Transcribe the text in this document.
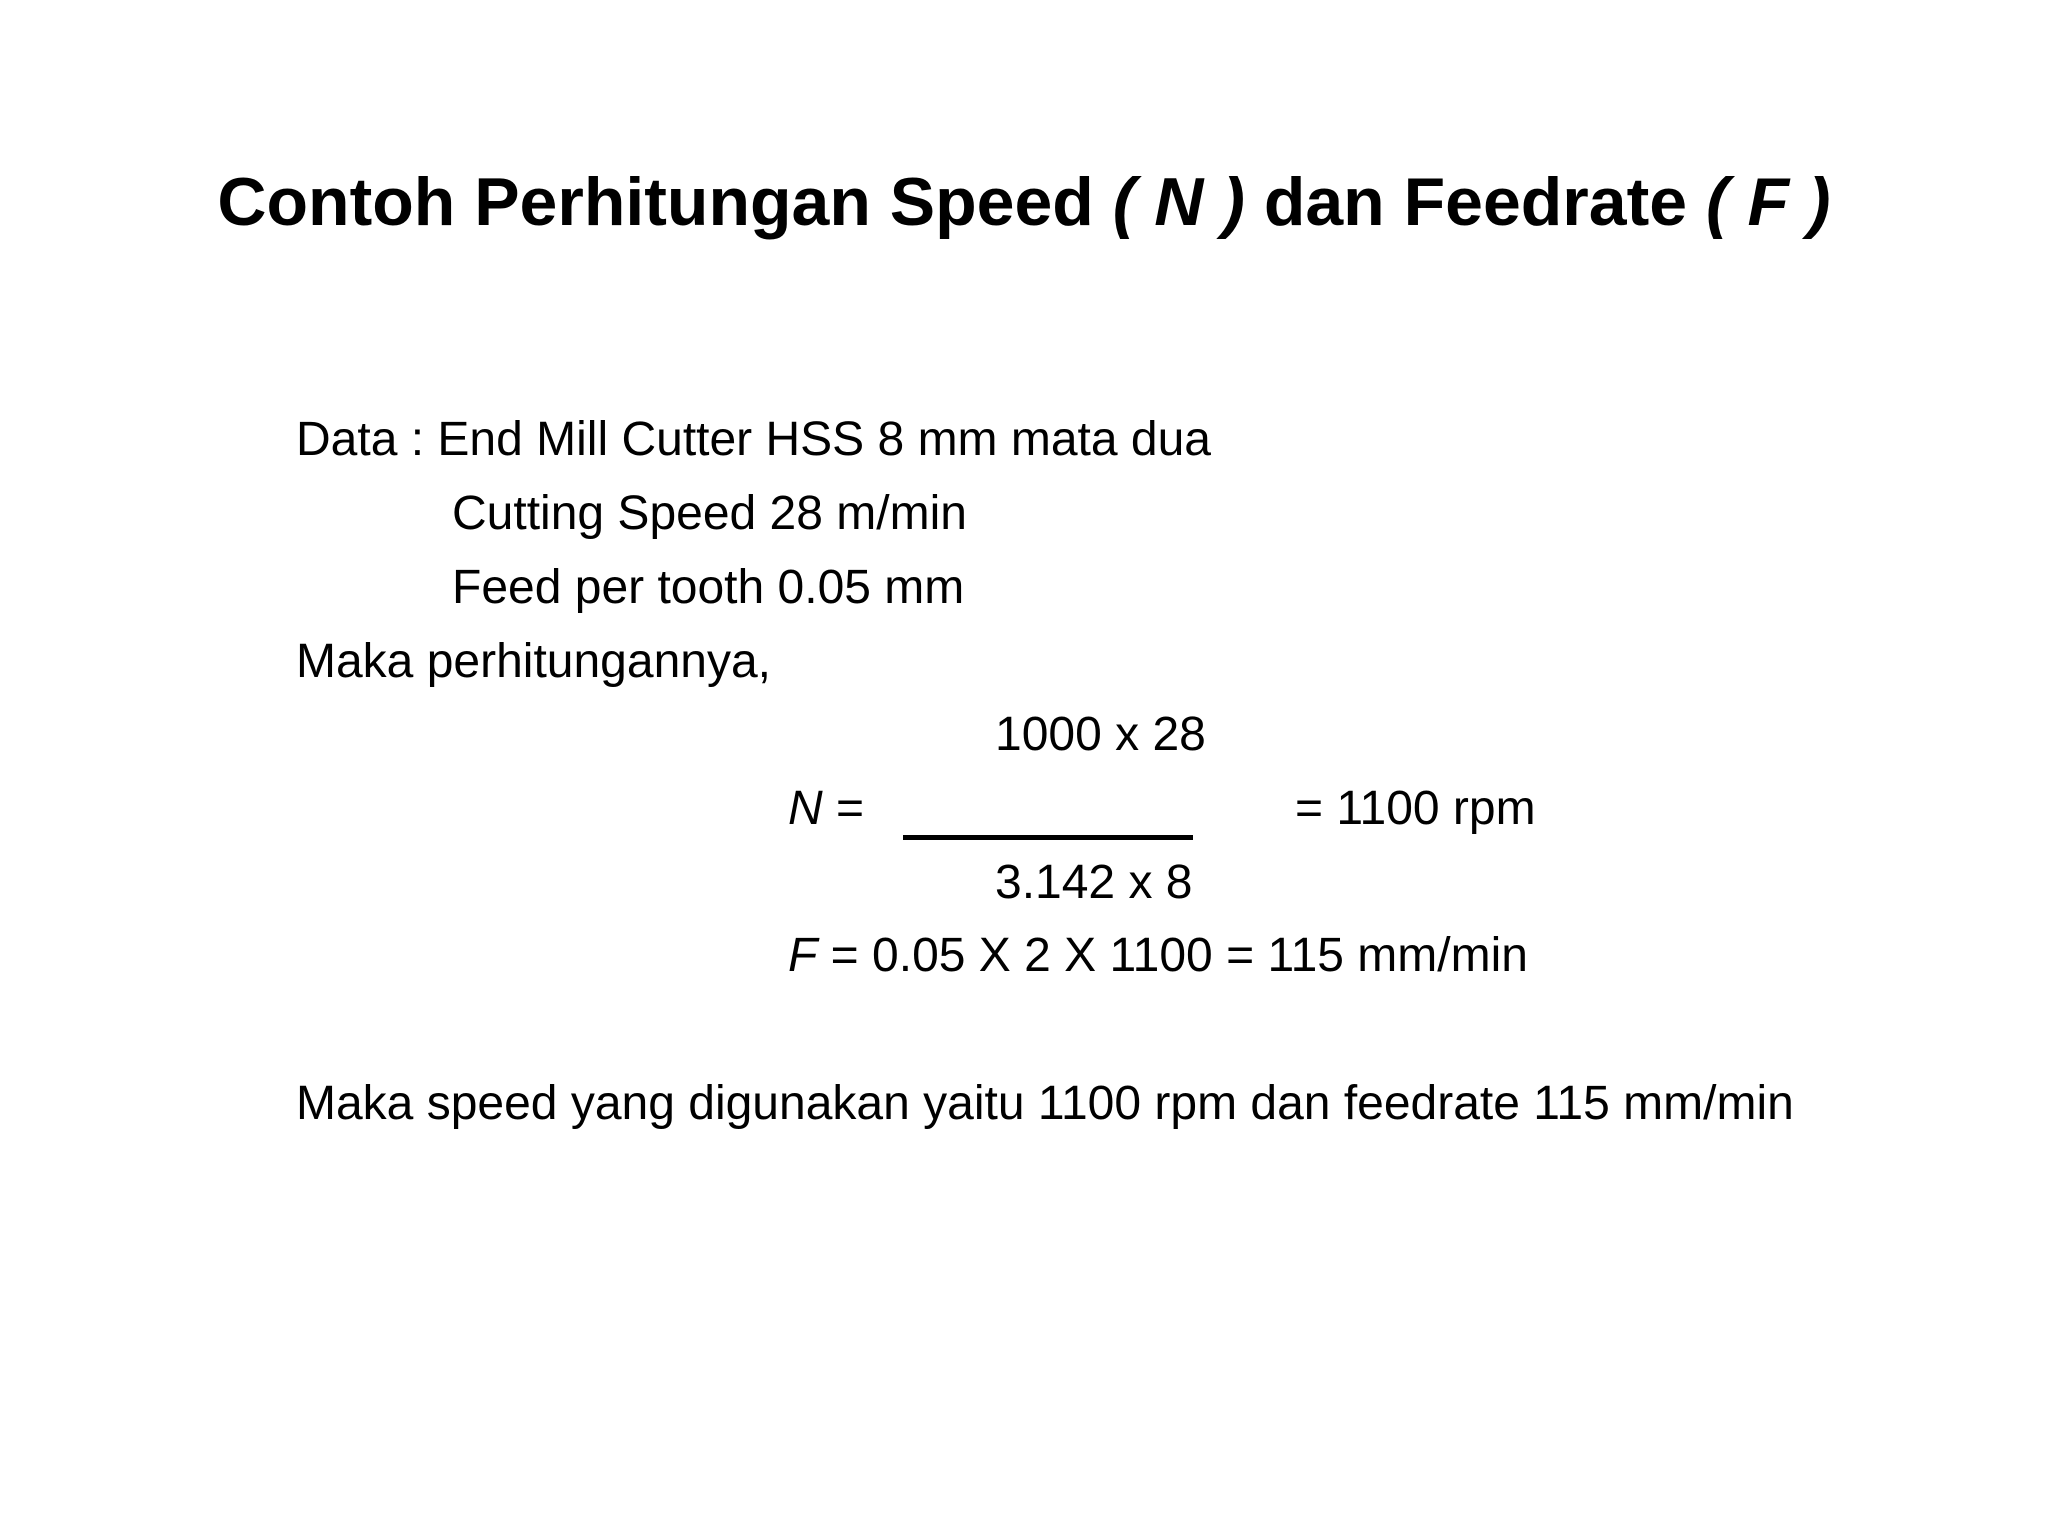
Contoh Perhitungan Speed ( N ) dan Feedrate ( F )
Data : End Mill Cutter HSS 8 mm mata dua
Cutting Speed 28 m/min
Feed per tooth 0.05 mm
Maka perhitungannya,
1000 x 28
N =	= 1100 rpm
3.142 x 8
F = 0.05 X 2 X 1100 = 115 mm/min
Maka speed yang digunakan yaitu 1100 rpm dan feedrate 115 mm/min
